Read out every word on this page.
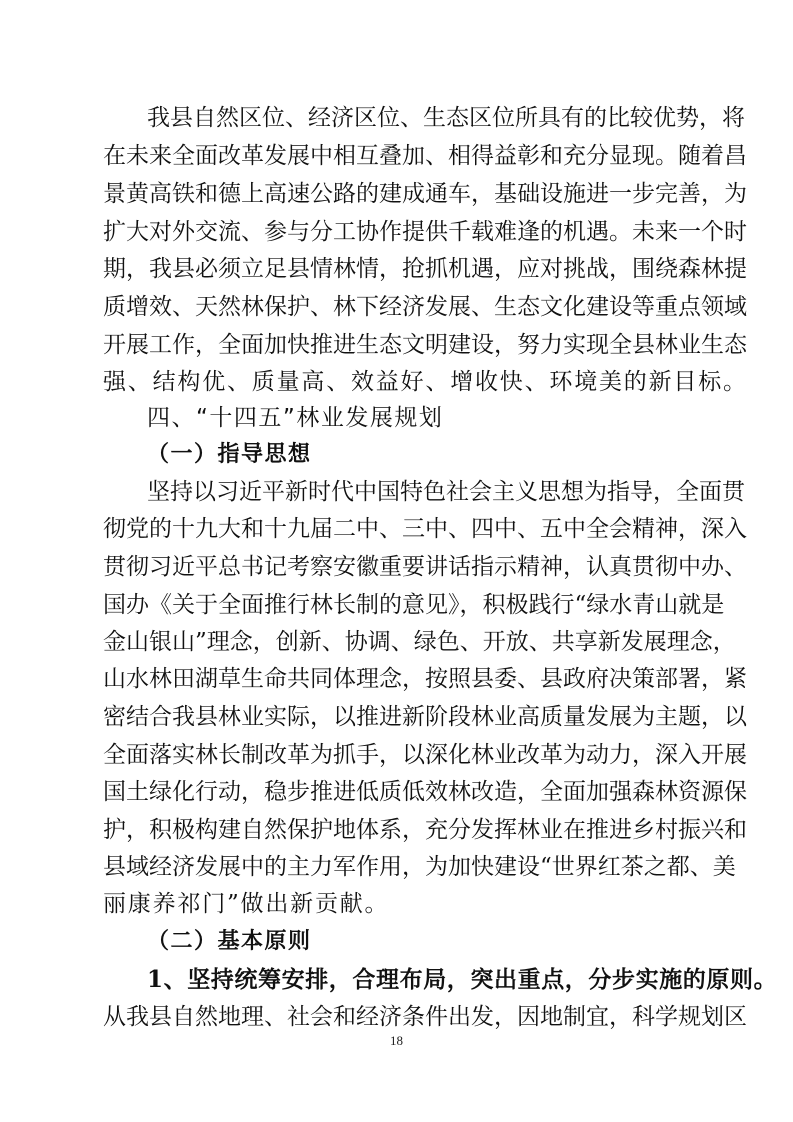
我县自然区位、经济区位、生态区位所具有的比较优势，将

在未来全面改革发展中相互叠加、相得益彰和充分显现。随着昌

景黄高铁和德上高速公路的建成通车，基础设施进一步完善，为

扩大对外交流、参与分工协作提供千载难逢的机遇。未来一个时

期，我县必须立足县情林情，抢抓机遇，应对挑战，围绕森林提

质增效、天然林保护、林下经济发展、生态文化建设等重点领域

开展工作，全面加快推进生态文明建设，努力实现全县林业生态

强、结构优、质量高、效益好、增收快、环境美的新目标。

四、“十四五”林业发展规划

（一）指导思想

坚持以习近平新时代中国特色社会主义思想为指导，全面贯

彻党的十九大和十九届二中、三中、四中、五中全会精神，深入

贯彻习近平总书记考察安徽重要讲话指示精神，认真贯彻中办、

国办《关于全面推行林长制的意见》，积极践行“绿水青山就是

金山银山”理念，创新、协调、绿色、开放、共享新发展理念，

山水林田湖草生命共同体理念，按照县委、县政府决策部署，紧

密结合我县林业实际，以推进新阶段林业高质量发展为主题，以

全面落实林长制改革为抓手，以深化林业改革为动力，深入开展

国土绿化行动，稳步推进低质低效林改造，全面加强森林资源保

护，积极构建自然保护地体系，充分发挥林业在推进乡村振兴和

县域经济发展中的主力军作用，为加快建设“世界红茶之都、美

丽康养祁门”做出新贡献。

（二）基本原则

1、坚持统筹安排，合理布局，突出重点，分步实施的原则。

从我县自然地理、社会和经济条件出发，因地制宜，科学规划区

18
